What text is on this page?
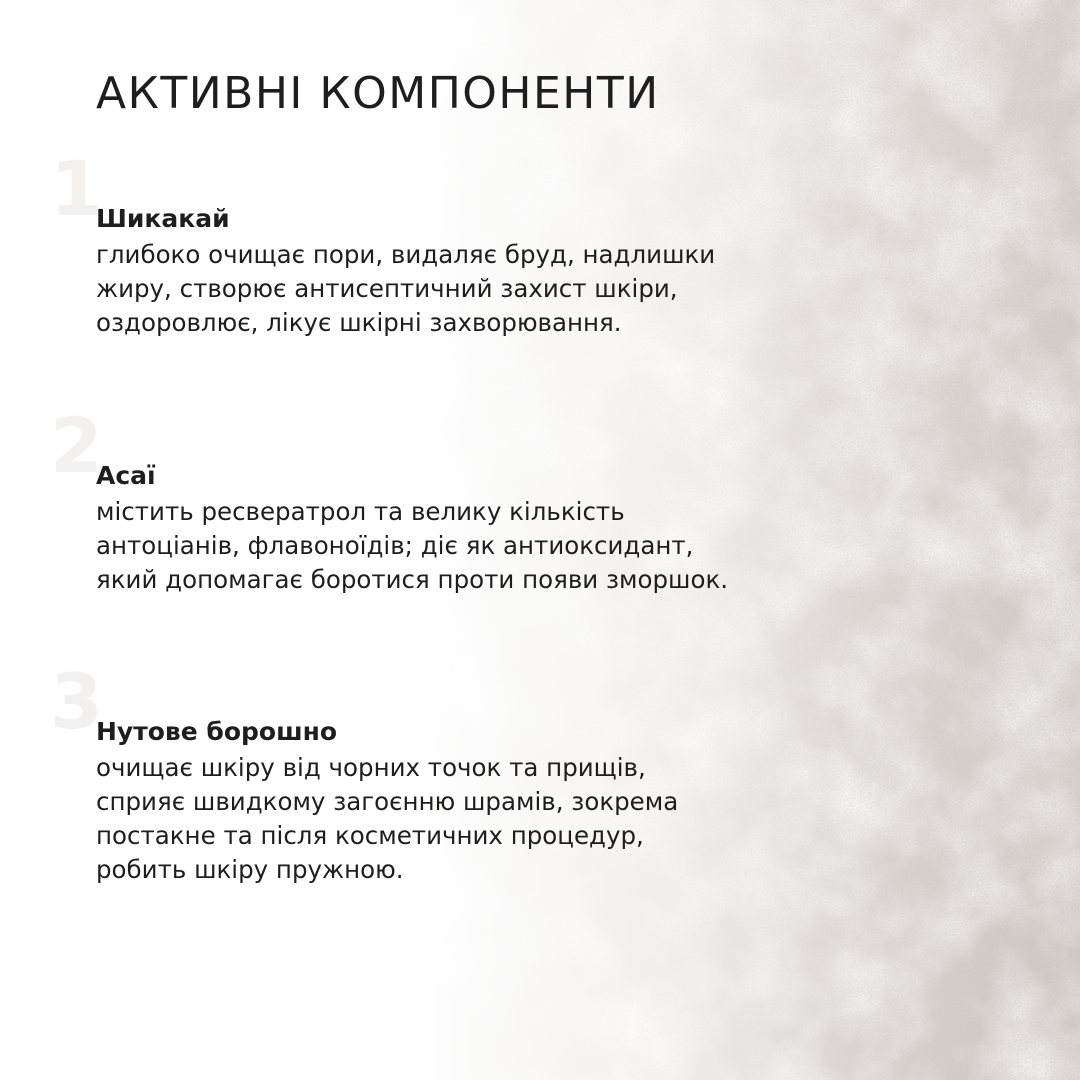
АКТИВНІ КОМПОНЕНТИ
1
Шикакай

глибоко очищає пори, видаляє бруд, надлишки
жиру, створює антисептичний захист шкіри,
оздоровлює, лікує шкірні захворювання.

2
Асаї

містить ресвератрол та велику кількість
антоціанів, флавоноїдів; діє як антиоксидант,
який допомагає боротися проти появи зморшок.

3
Нутове борошно

очищає шкіру від чорних точок та прищів,
сприяє швидкому загоєнню шрамів, зокрема
постакне та після косметичних процедур,
робить шкіру пружною.
